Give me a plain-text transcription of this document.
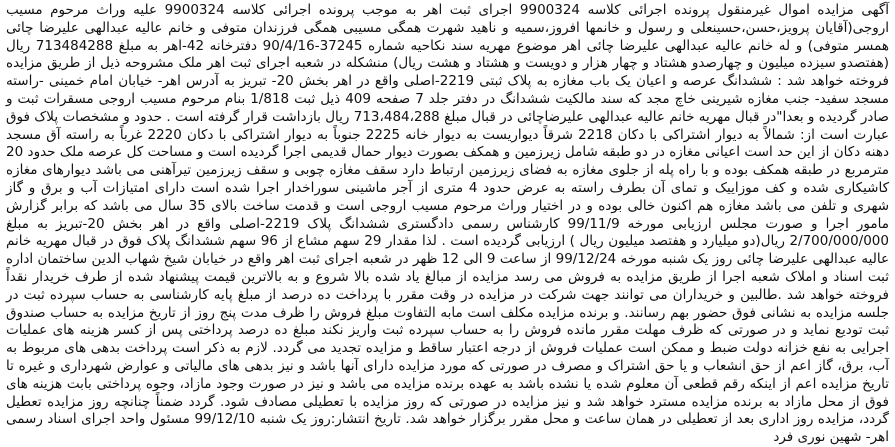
آگهی مزایده اموال غیرمنقول پرونده اجرائی کلاسه 9900324 اجرای ثبت اهر به موجب پرونده اجرائی کلاسه 9900324 علیه وراث مرحوم مسیب اروجی(آقایان پرویز،حسن،حسینعلی و رسول و خانمها افروز،سمیه و ناهید شهرت همگی مسیبی همگی فرزندان متوفی و خانم عالیه عبدالهی علیرضا چائی همسر متوفی) و له خانم عالیه عبدالهی علیرضا چائی اهر موضوع مهریه سند نکاحیه شماره 37245-90/4/16 دفترخانه 42-اهر به مبلغ 713484288 ریال (هفتصدو سیزده میلیون و چهارصدو هشتاد و چهار هزار و دویست و هشتاد و هشت ریال) منشکله در شعبه اجرای ثبت اهر ملک مشروحه ذیل از طریق مزایده فروخته خواهد شد : ششدانگ عرصه و اعیان یک باب مغازه به پلاک ثبتی 2219-اصلی واقع در اهر بخش 20- تبریز به آدرس اهر- خیابان امام خمینی -راسته مسجد سفید- جنب مغازه شیرینی خاچ مجد که سند مالکیت ششدانگ در دفتر جلد 7 صفحه 409 ذیل ثبت 1/818 بنام مرحوم مسیب اروجی مسقرات ثبت و صادر گردیده و بعدا"در قبال مهریه خانم عالیه عبدالهی علیرضاچائی در قبال مبلغ 713،484،288 ریال بازداشت قرار گرفته است . حدود و مشخصات پلاک فوق عبارت است از: شمالاً به دیوار اشتراکی با دکان 2218 شرقاً دیواریست به دیوار خانه 2225 جنوباً به دیوار اشتراکی با دکان 2220 غرباً به راسته آق مسجد دهنه دکان از این حد است اعیانی مغازه در دو طبقه شامل زیرزمین و همکف بصورت دیوار حمال قدیمی اجرا گردیده است و مساحت کل عرصه ملک حدود 20 مترمربع در طبقه همکف بوده و با راه پله از جلوی مغازه به فضای زیرزمین ارتباط دارد سقف مغازه چوبی و سقف زیرزمین تیرآهنی می باشد دیوارهای مغازه کاشیکاری شده و کف موزاییک و تمای آن بطرف راسته به عرض حدود 4 متری از آجر ماشینی سوراخدار اجرا شده است دارای امتیازات آب و برق و گاز شهری و تلفن می باشد مغازه هم اکنون خالی بوده و در اختیار وراث مرحوم مسیب اروجی است و قدمت ساخت بالای 35 سال می باشد که برابر گزارش مامور اجرا و صورت مجلس ارزیابی مورخه 99/11/9 کارشناس رسمی دادگستری ششدانگ پلاک 2219-اصلی واقع در اهر بخش 20-تبریز به مبلغ 2/700/000/000 ریال(دو میلیارد و هفتصد میلیون ریال ) ارزیابی گردیده است . لذا مقدار 29 سهم مشاع از 96 سهم ششدانگ پلاک فوق در قبال مهریه خانم عالیه عبدالهی علیرضا چائی روز یک شنبه مورخه 99/12/24 از ساعت 9 الی 12 ظهر در شعبه اجرای ثبت اهر واقع در خیابان شیخ شهاب الدین ساختمان اداره ثبت اسناد و املاک شعبه اجرا از طریق مزایده به فروش می رسد مزایده از مبالغ یاد شده بالا شروع و به بالاترین قیمت پیشنهاد شده از طرف خریدار نقداً فروخته خواهد شد .طالبین و خریداران می توانند جهت شرکت در مزایده در وقت مقرر با پرداخت ده درصد از مبلغ پایه کارشناسی به حساب سپرده ثبت در جلسه مزایده به نشانی فوق حضور بهم رسانند. و برنده مزایده مکلف است مابه التفاوت مبلغ فروش را ظرف مدت پنج روز از تاریخ مزایده به حساب صندوق ثبت تودیع نماید و در صورتی که ظرف مهلت مقرر مانده فروش را به حساب سپرده ثبت واریز نکند مبلغ ده درصد پرداختی پس از کسر هزینه های عملیات اجرایی به نفع خزانه دولت ضبط و ممکن است عملیات فروش از درجه اعتبار ساقط و مزایده تجدید می گردد. لازم به ذکر است پرداخت بدهی های مربوط به آب، برق، گاز اعم از حق انشعاب و یا حق اشتراک و مصرف در صورتی که مورد مزایده دارای آنها باشد و نیز بدهی های مالیاتی و عوارض شهرداری و غیره تا تاریخ مزایده اعم از اینکه رقم قطعی آن معلوم شده یا نشده باشد به عهده برنده مزایده می باشد و نیز در صورت وجود مازاد، وجوه پرداختی بابت هزینه های فوق از محل مازاد به برنده مزایده مسترد خواهد شد و نیز مزایده در صورتی که روز مزایده با تعطیلی مصادف شود. گردد ضمناً چنانچه روز مزایده تعطیل گردد، مزایده روز اداری بعد از تعطیلی در همان ساعت و محل مقرر برگزار خواهد شد. تاریخ انتشار:روز یک شنبه 99/12/10 مسئول واحد اجرای اسناد رسمی اهر- شهین نوری فرد
